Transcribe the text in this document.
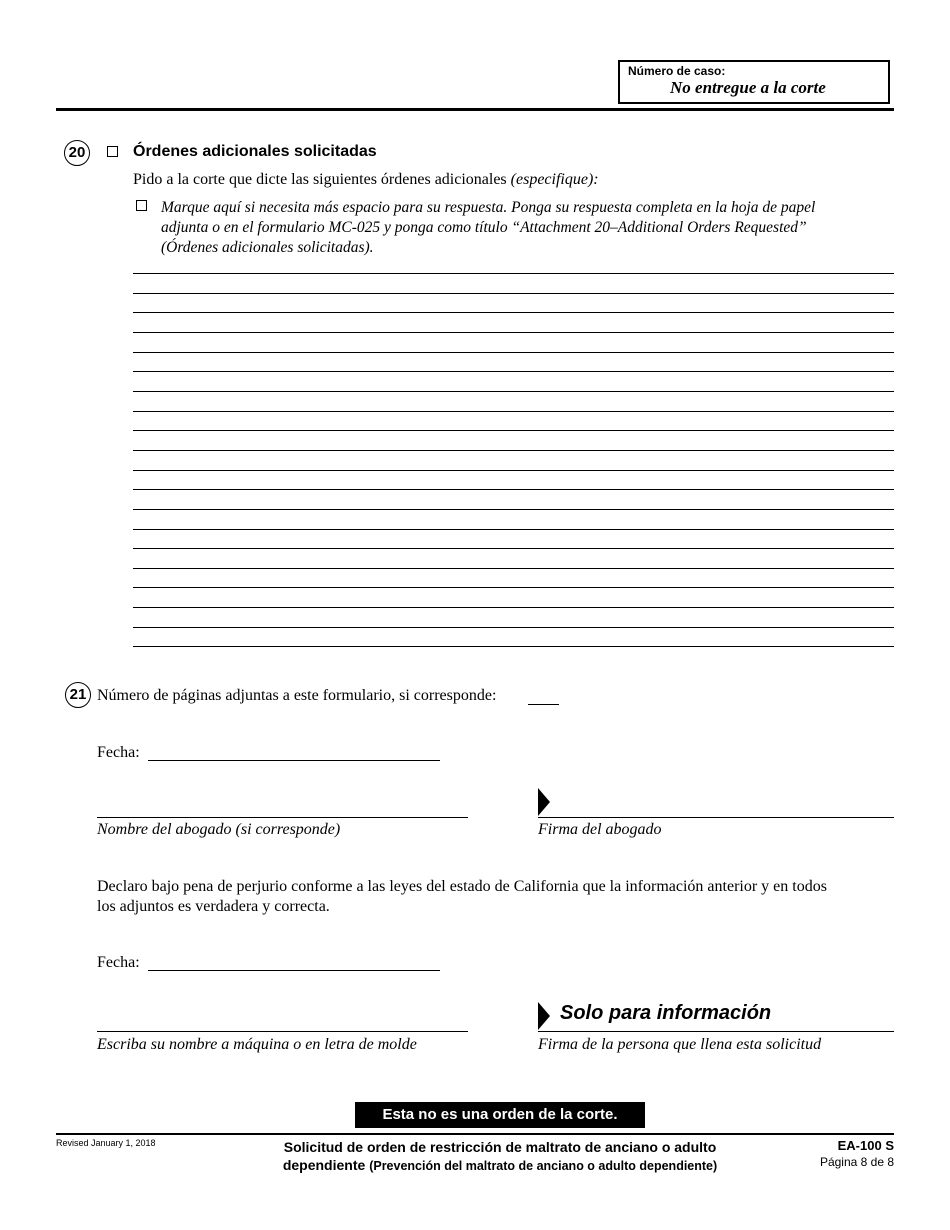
Número de caso:
No entregue a la corte
20	Órdenes adicionales solicitadas
Pido a la corte que dicte las siguientes órdenes adicionales (especifique):
Marque aquí si necesita más espacio para su respuesta. Ponga su respuesta completa en la hoja de papel
adjunta o en el formulario MC-025 y ponga como título “Attachment 20–Additional Orders Requested”
(Órdenes adicionales solicitadas).
21 Número de páginas adjuntas a este formulario, si corresponde:
Fecha:
Nombre del abogado (si corresponde)	Firma del abogado
Declaro bajo pena de perjurio conforme a las leyes del estado de California que la información anterior y en todos
los adjuntos es verdadera y correcta.
Fecha:
Escriba su nombre a máquina o en letra de molde
Solo para información
Firma de la persona que llena esta solicitud
Esta no es una orden de la corte.
Revised January 1, 2018	Solicitud de orden de restricción de maltrato de anciano o adulto
dependiente (Prevención del maltrato de anciano o adulto dependiente)
EA-100 S
Página 8 de 8
